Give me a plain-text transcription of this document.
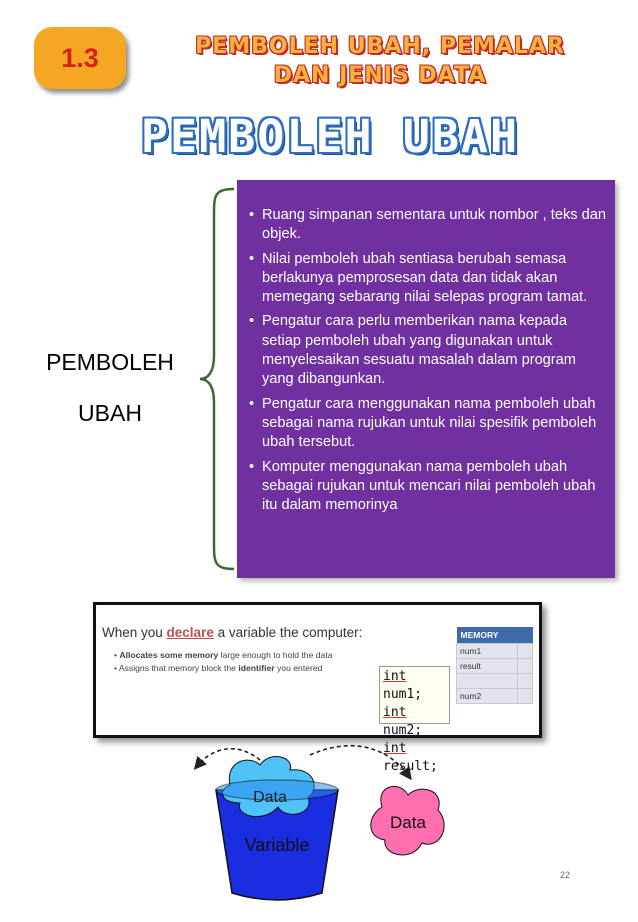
1.3	PEMBOLEH UBAH, PEMALAR
DAN JENIS DATA
PEMBOLEH UBAH
PEMBOLEH
UBAH
• Ruang simpanan sementara untuk nombor , teks dan objek.
• Nilai pemboleh ubah sentiasa berubah semasa berlakunya pemprosesan data dan tidak akan memegang sebarang nilai selepas program tamat.
• Pengatur cara perlu memberikan nama kepada setiap pemboleh ubah yang digunakan untuk menyelesaikan sesuatu masalah dalam program yang dibangunkan.
• Pengatur cara menggunakan nama pemboleh ubah sebagai nama rujukan untuk nilai spesifik pemboleh ubah tersebut.
• Komputer menggunakan nama pemboleh ubah sebagai rujukan untuk mencari nilai pemboleh ubah itu dalam memorinya
When you declare a variable the computer:
• Allocates some memory large enough to hold the data
• Assigns that memory block the identifier you entered
int num1;
int num2;
int result;
MEMORY	
num1	
result	

num2	
Data
Variable
Data
22
